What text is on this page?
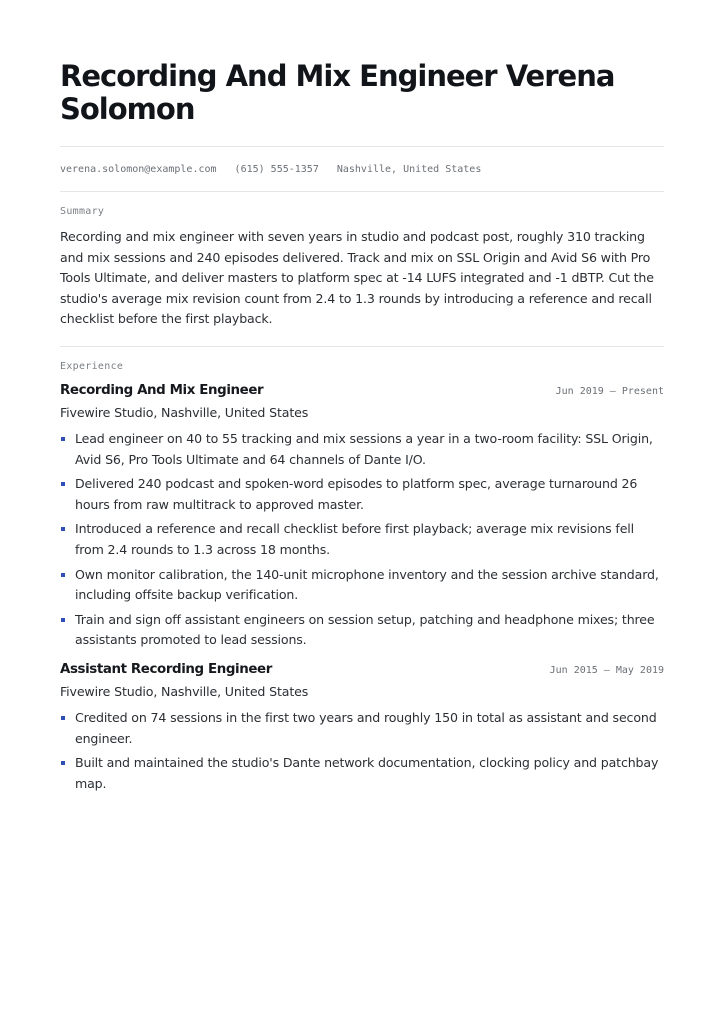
Recording And Mix Engineer Verena Solomon
verena.solomon@example.com (615) 555-1357 Nashville, United States
Summary

Recording and mix engineer with seven years in studio and podcast post, roughly 310 tracking and mix sessions and 240 episodes delivered. Track and mix on SSL Origin and Avid S6 with Pro Tools Ultimate, and deliver masters to platform spec at -14 LUFS integrated and -1 dBTP. Cut the studio's average mix revision count from 2.4 to 1.3 rounds by introducing a reference and recall checklist before the first playback.

Experience
Recording And Mix Engineer	Jun 2019 — Present
Fivewire Studio, Nashville, United States
Lead engineer on 40 to 55 tracking and mix sessions a year in a two-room facility: SSL Origin, Avid S6, Pro Tools Ultimate and 64 channels of Dante I/O.
Delivered 240 podcast and spoken-word episodes to platform spec, average turnaround 26 hours from raw multitrack to approved master.
Introduced a reference and recall checklist before first playback; average mix revisions fell from 2.4 rounds to 1.3 across 18 months.
Own monitor calibration, the 140-unit microphone inventory and the session archive standard, including offsite backup verification.
Train and sign off assistant engineers on session setup, patching and headphone mixes; three assistants promoted to lead sessions.
Assistant Recording Engineer	Jun 2015 — May 2019
Fivewire Studio, Nashville, United States
Credited on 74 sessions in the first two years and roughly 150 in total as assistant and second engineer.
Built and maintained the studio's Dante network documentation, clocking policy and patchbay map.
